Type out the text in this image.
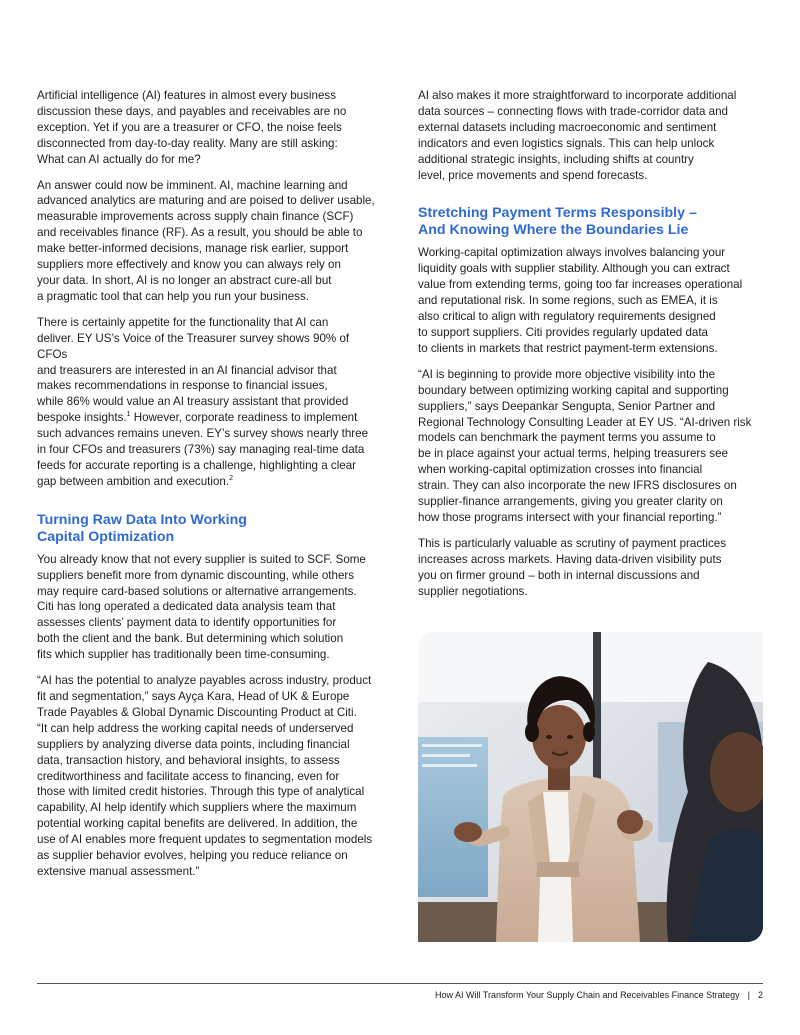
Artificial intelligence (AI) features in almost every business
discussion these days, and payables and receivables are no
exception. Yet if you are a treasurer or CFO, the noise feels
disconnected from day-to-day reality. Many are still asking:
What can AI actually do for me?

An answer could now be imminent. AI, machine learning and
advanced analytics are maturing and are poised to deliver usable,
measurable improvements across supply chain finance (SCF)
and receivables finance (RF). As a result, you should be able to
make better-informed decisions, manage risk earlier, support
suppliers more effectively and know you can always rely on
your data. In short, AI is no longer an abstract cure-all but
a pragmatic tool that can help you run your business.

There is certainly appetite for the functionality that AI can
deliver. EY US’s Voice of the Treasurer survey shows 90% of CFOs
and treasurers are interested in an AI financial advisor that
makes recommendations in response to financial issues,
while 86% would value an AI treasury assistant that provided
bespoke insights.$^1$ However, corporate readiness to implement
such advances remains uneven. EY’s survey shows nearly three
in four CFOs and treasurers (73%) say managing real-time data
feeds for accurate reporting is a challenge, highlighting a clear
gap between ambition and execution.$^2$

Turning Raw Data Into Working
Capital Optimization

You already know that not every supplier is suited to SCF. Some
suppliers benefit more from dynamic discounting, while others
may require card-based solutions or alternative arrangements.
Citi has long operated a dedicated data analysis team that
assesses clients’ payment data to identify opportunities for
both the client and the bank. But determining which solution
fits which supplier has traditionally been time-consuming.

“AI has the potential to analyze payables across industry, product
fit and segmentation,” says Ayça Kara, Head of UK & Europe
Trade Payables & Global Dynamic Discounting Product at Citi.
“It can help address the working capital needs of underserved
suppliers by analyzing diverse data points, including financial
data, transaction history, and behavioral insights, to assess
creditworthiness and facilitate access to financing, even for
those with limited credit histories. Through this type of analytical
capability, AI help identify which suppliers where the maximum
potential working capital benefits are delivered. In addition, the
use of AI enables more frequent updates to segmentation models
as supplier behavior evolves, helping you reduce reliance on
extensive manual assessment.”

AI also makes it more straightforward to incorporate additional
data sources – connecting flows with trade-corridor data and
external datasets including macroeconomic and sentiment
indicators and even logistics signals. This can help unlock
additional strategic insights, including shifts at country
level, price movements and spend forecasts.

Stretching Payment Terms Responsibly –
And Knowing Where the Boundaries Lie

Working-capital optimization always involves balancing your
liquidity goals with supplier stability. Although you can extract
value from extending terms, going too far increases operational
and reputational risk. In some regions, such as EMEA, it is
also critical to align with regulatory requirements designed
to support suppliers. Citi provides regularly updated data
to clients in markets that restrict payment-term extensions.

“AI is beginning to provide more objective visibility into the
boundary between optimizing working capital and supporting
suppliers,” says Deepankar Sengupta, Senior Partner and
Regional Technology Consulting Leader at EY US. “AI-driven risk
models can benchmark the payment terms you assume to
be in place against your actual terms, helping treasurers see
when working-capital optimization crosses into financial
strain. They can also incorporate the new IFRS disclosures on
supplier-finance arrangements, giving you greater clarity on
how those programs intersect with your financial reporting.”

This is particularly valuable as scrutiny of payment practices
increases across markets. Having data-driven visibility puts
you on firmer ground – both in internal discussions and
supplier negotiations.

How AI Will Transform Your Supply Chain and Receivables Finance Strategy | 2
